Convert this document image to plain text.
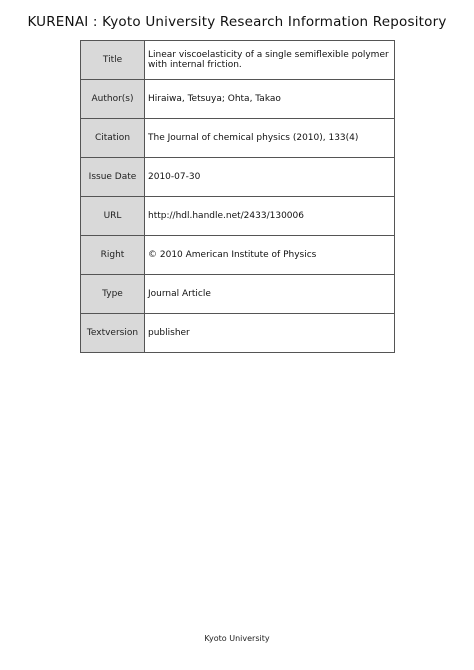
KURENAI : Kyoto University Research Information Repository
Title	Linear viscoelasticity of a single semiflexible polymer with internal friction.
Author(s)	Hiraiwa, Tetsuya; Ohta, Takao
Citation	The Journal of chemical physics (2010), 133(4)
Issue Date	2010-07-30
URL	http://hdl.handle.net/2433/130006
Right	© 2010 American Institute of Physics
Type	Journal Article
Textversion	publisher
Kyoto University
